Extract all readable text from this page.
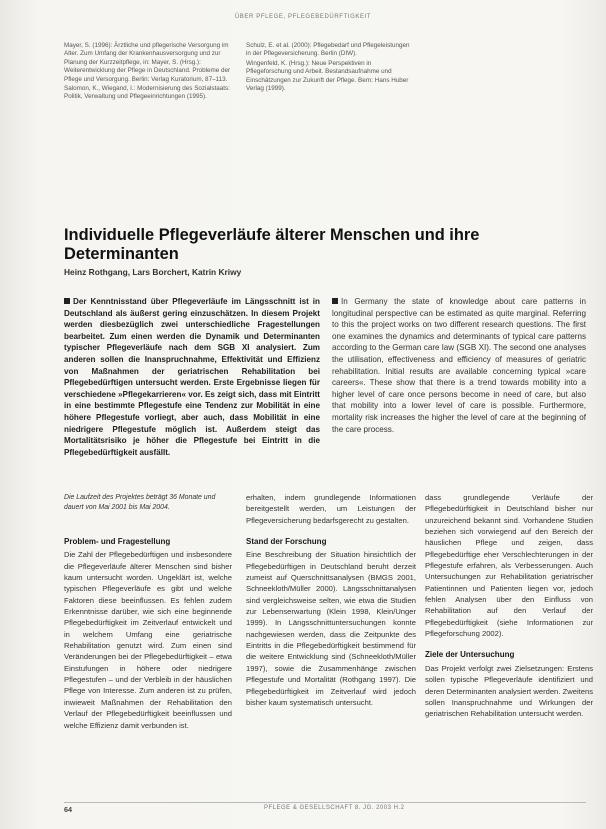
ÜBER PFLEGE, PFLEGEBEDÜRFTIGKEIT

Mayer, S. (1996): Ärztliche und pflegerische Versorgung im Alter. Zum Umfang der Krankenhausversorgung und zur Planung der Kurzzeitpflege, in: Mayer, S. (Hrsg.): Weiterentwicklung der Pflege in Deutschland. Probleme der Pflege und Versorgung. Berlin: Verlag Kuratorium, 87–113.

Salomon, K., Wiegand, I.: Modernisierung des Sozialstaats: Politik, Verwaltung und Pflegeeinrichtungen (1995).

Schulz, E. et al. (2000): Pflegebedarf und Pflegeleistungen in der Pflegeversicherung. Berlin (DIW).

Wingenfeld, K. (Hrsg.): Neue Perspektiven in Pflegeforschung und Arbeit. Bestandsaufnahme und Einschätzungen zur Zukunft der Pflege. Bern: Hans Huber Verlag (1999).

Individuelle Pflegeverläufe älterer Menschen und ihre Determinanten
Heinz Rothgang, Lars Borchert, Katrin Kriwy
Der Kenntnisstand über Pflegeverläufe im Längsschnitt ist in Deutschland als äußerst gering einzuschätzen. In diesem Projekt werden diesbezüglich zwei unterschiedliche Fragestellungen bearbeitet. Zum einen werden die Dynamik und Determinanten typischer Pflegeverläufe nach dem SGB XI analysiert. Zum anderen sollen die Inanspruchnahme, Effektivität und Effizienz von Maßnahmen der geriatrischen Rehabilitation bei Pflegebedürftigen untersucht werden. Erste Ergebnisse liegen für verschiedene »Pflegekarrieren« vor. Es zeigt sich, dass mit Eintritt in eine bestimmte Pflegestufe eine Tendenz zur Mobilität in eine höhere Pflegestufe vorliegt, aber auch, dass Mobilität in eine niedrigere Pflegestufe möglich ist. Außerdem steigt das Mortalitätsrisiko je höher die Pflegestufe bei Eintritt in die Pflegebedürftigkeit ausfällt.
In Germany the state of knowledge about care patterns in longitudinal perspective can be estimated as quite marginal. Referring to this the project works on two different research questions. The first one examines the dynamics and determinants of typical care patterns according to the German care law (SGB XI). The second one analyses the utilisation, effectiveness and efficiency of measures of geriatric rehabilitation. Initial results are available concerning typical »care careers«. These show that there is a trend towards mobility into a higher level of care once persons become in need of care, but also that mobility into a lower level of care is possible. Furthermore, mortality risk increases the higher the level of care at the beginning of the care process.
Die Laufzeit des Projektes beträgt 36 Monate und dauert von Mai 2001 bis Mai 2004.
Problem- und Fragestellung

Die Zahl der Pflegebedürftigen und insbesondere die Pflegeverläufe älterer Menschen sind bisher kaum untersucht worden. Ungeklärt ist, welche typischen Pflegeverläufe es gibt und welche Faktoren diese beeinflussen. Es fehlen zudem Erkenntnisse darüber, wie sich eine beginnende Pflegebedürftigkeit im Zeitverlauf entwickelt und in welchem Umfang eine geriatrische Rehabilitation genutzt wird. Zum einen sind Veränderungen bei der Pflegebedürftigkeit – etwa Einstufungen in höhere oder niedrigere Pflegestufen – und der Verbleib in der häuslichen Pflege von Interesse. Zum anderen ist zu prüfen, inwieweit Maßnahmen der Rehabilitation den Verlauf der Pflegebedürftigkeit beeinflussen und welche Effizienz damit verbunden ist.

erhalten, indem grundlegende Informationen bereitgestellt werden, um Leistungen der Pflegeversicherung bedarfsgerecht zu gestalten.

Stand der Forschung

Eine Beschreibung der Situation hinsichtlich der Pflegebedürftigen in Deutschland beruht derzeit zumeist auf Querschnittsanalysen (BMGS 2001, Schneekloth/Müller 2000). Längsschnittanalysen sind vergleichsweise selten, wie etwa die Studien zur Lebenserwartung (Klein 1998, Klein/Unger 1999). In Längsschnittuntersuchungen konnte nachgewiesen werden, dass die Zeitpunkte des Eintritts in die Pflegebedürftigkeit bestimmend für die weitere Entwicklung sind (Schneekloth/Müller 1997), sowie die Zusammenhänge zwischen Pflegestufe und Mortalität (Rothgang 1997). Die Pflegebedürftigkeit im Zeitverlauf wird jedoch bisher kaum systematisch untersucht.

dass grundlegende Verläufe der Pflegebedürftigkeit in Deutschland bisher nur unzureichend bekannt sind. Vorhandene Studien beziehen sich vorwiegend auf den Bereich der häuslichen Pflege und zeigen, dass Pflegebedürftige eher Verschlechterungen in der Pflegestufe erfahren, als Verbesserungen. Auch Untersuchungen zur Rehabilitation geriatrischer Patientinnen und Patienten liegen vor, jedoch fehlen Analysen über den Einfluss von Rehabilitation auf den Verlauf der Pflegebedürftigkeit (siehe Informationen zur Pflegeforschung 2002).

Ziele der Untersuchung

Das Projekt verfolgt zwei Zielsetzungen: Erstens sollen typische Pflegeverläufe identifiziert und deren Determinanten analysiert werden. Zweitens sollen Inanspruchnahme und Wirkungen der geriatrischen Rehabilitation untersucht werden.

64	PFLEGE & GESELLSCHAFT 8. JG. 2003 H.2
